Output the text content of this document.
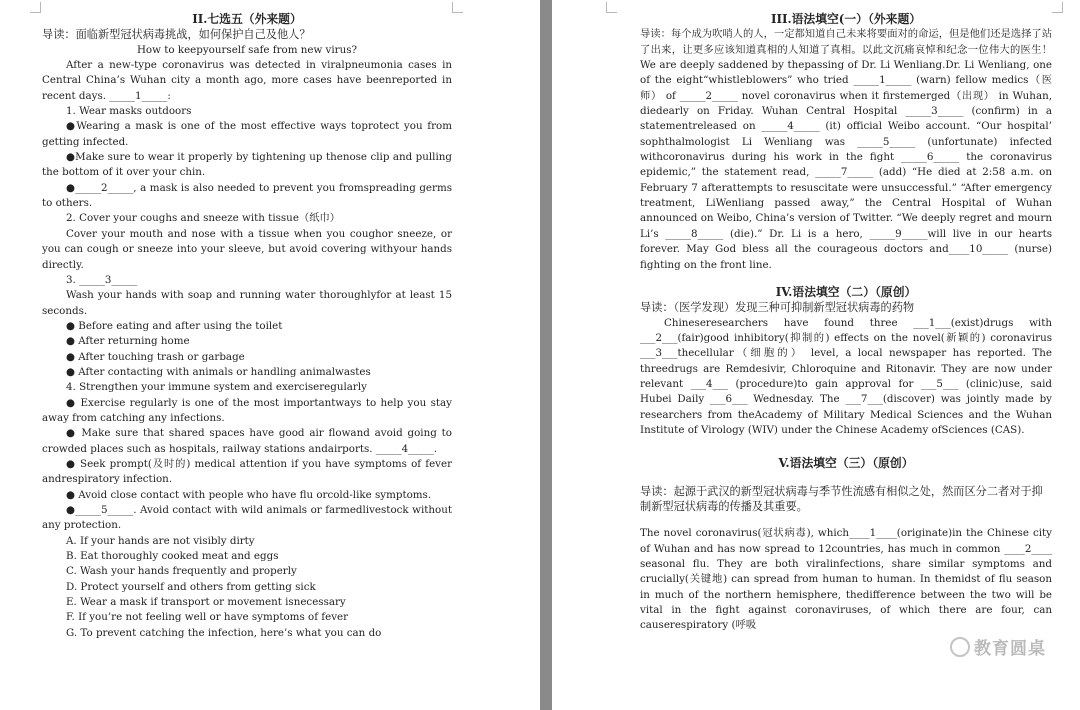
II.七选五（外来题）
导读：面临新型冠状病毒挑战，如何保护自己及他人？
How to keepyourself safe from new virus?
After a new-type coronavirus was detected in viralpneumonia cases in Central China’s Wuhan city a month ago, more cases have beenreported in recent days. _____1_____:
1. Wear masks outdoors
●Wearing a mask is one of the most effective ways toprotect you from getting infected.
●Make sure to wear it properly by tightening up thenose clip and pulling the bottom of it over your chin.
●_____2_____, a mask is also needed to prevent you fromspreading germs to others.
2. Cover your coughs and sneeze with tissue（纸巾）
Cover your mouth and nose with a tissue when you coughor sneeze, or you can cough or sneeze into your sleeve, but avoid covering withyour hands directly.
3. _____3_____
Wash your hands with soap and running water thoroughlyfor at least 15 seconds.
● Before eating and after using the toilet
● After returning home
● After touching trash or garbage
● After contacting with animals or handling animalwastes
4. Strengthen your immune system and exerciseregularly
● Exercise regularly is one of the most importantways to help you stay away from catching any infections.
● Make sure that shared spaces have good air flowand avoid going to crowded places such as hospitals, railway stations andairports. _____4_____.
● Seek prompt(及时的) medical attention if you have symptoms of fever andrespiratory infection.
● Avoid close contact with people who have flu orcold-like symptoms.
●_____5_____. Avoid contact with wild animals or farmedlivestock without any protection.
A. If your hands are not visibly dirty
B. Eat thoroughly cooked meat and eggs
C. Wash your hands frequently and properly
D. Protect yourself and others from getting sick
E. Wear a mask if transport or movement isnecessary
F. If you’re not feeling well or have symptoms of fever
G. To prevent catching the infection, here’s what you can do
III.语法填空(一）（外来题）
导读：每个成为吹哨人的人，一定都知道自己未来将要面对的命运，但是他们还是选择了站了出来，让更多应该知道真相的人知道了真相。以此文沉痛哀悼和纪念一位伟大的医生！ We are deeply saddened by thepassing of Dr. Li Wenliang.Dr. Li Wenliang, one of the eight“whistleblowers” who tried _____1_____ (warn) fellow medics（医师） of _____2_____ novel coronavirus when it firstemerged（出现） in Wuhan, diedearly on Friday. Wuhan Central Hospital _____3_____ (confirm) in a statementreleased on _____4_____ (it) official Weibo account. “Our hospital’ sophthalmologist Li Wenliang was _____5_____ (unfortunate) infected withcoronavirus during his work in the fight _____6_____ the coronavirus epidemic,” the statement read, _____7_____ (add) “He died at 2:58 a.m. on February 7 afterattempts to resuscitate were unsuccessful.” “After emergency treatment, LiWenliang passed away,” the Central Hospital of Wuhan announced on Weibo, China’s version of Twitter. “We deeply regret and mourn Li’s _____8_____ (die).” Dr. Li is a hero, _____9_____will live in our hearts forever. May God bless all the courageous doctors and____10_____ (nurse) fighting on the front line.
IV.语法填空（二）（原创）
导读：（医学发现）发现三种可抑制新型冠状病毒的药物
Chineseresearchers have found three ___1___(exist)drugs with ___2___(fair)good inhibitory(抑制的) effects on the novel(新颖的) coronavirus ___3___thecellular（细胞的） level, a local newspaper has reported. The threedrugs are Remdesivir, Chloroquine and Ritonavir. They are now under relevant ___4___ (procedure)to gain approval for ___5___ (clinic)use, said Hubei Daily ___6___ Wednesday. The ___7___(discover) was jointly made by researchers from theAcademy of Military Medical Sciences and the Wuhan Institute of Virology (WIV) under the Chinese Academy ofSciences (CAS).
V.语法填空（三）（原创）
导读：起源于武汉的新型冠状病毒与季节性流感有相似之处，然而区分二者对于抑制新型冠状病毒的传播及其重要。
The novel coronavirus(冠状病毒), which____1____(originate)in the Chinese city of Wuhan and has now spread to 12countries, has much in common ____2____ seasonal flu. They are both viralinfections, share similar symptoms and crucially(关键地) can spread from human to human. In themidst of flu season in much of the northern hemisphere, thedifference between the two will be vital in the fight against coronaviruses, of which there are four, can causerespiratory (呼吸
教育圆桌
